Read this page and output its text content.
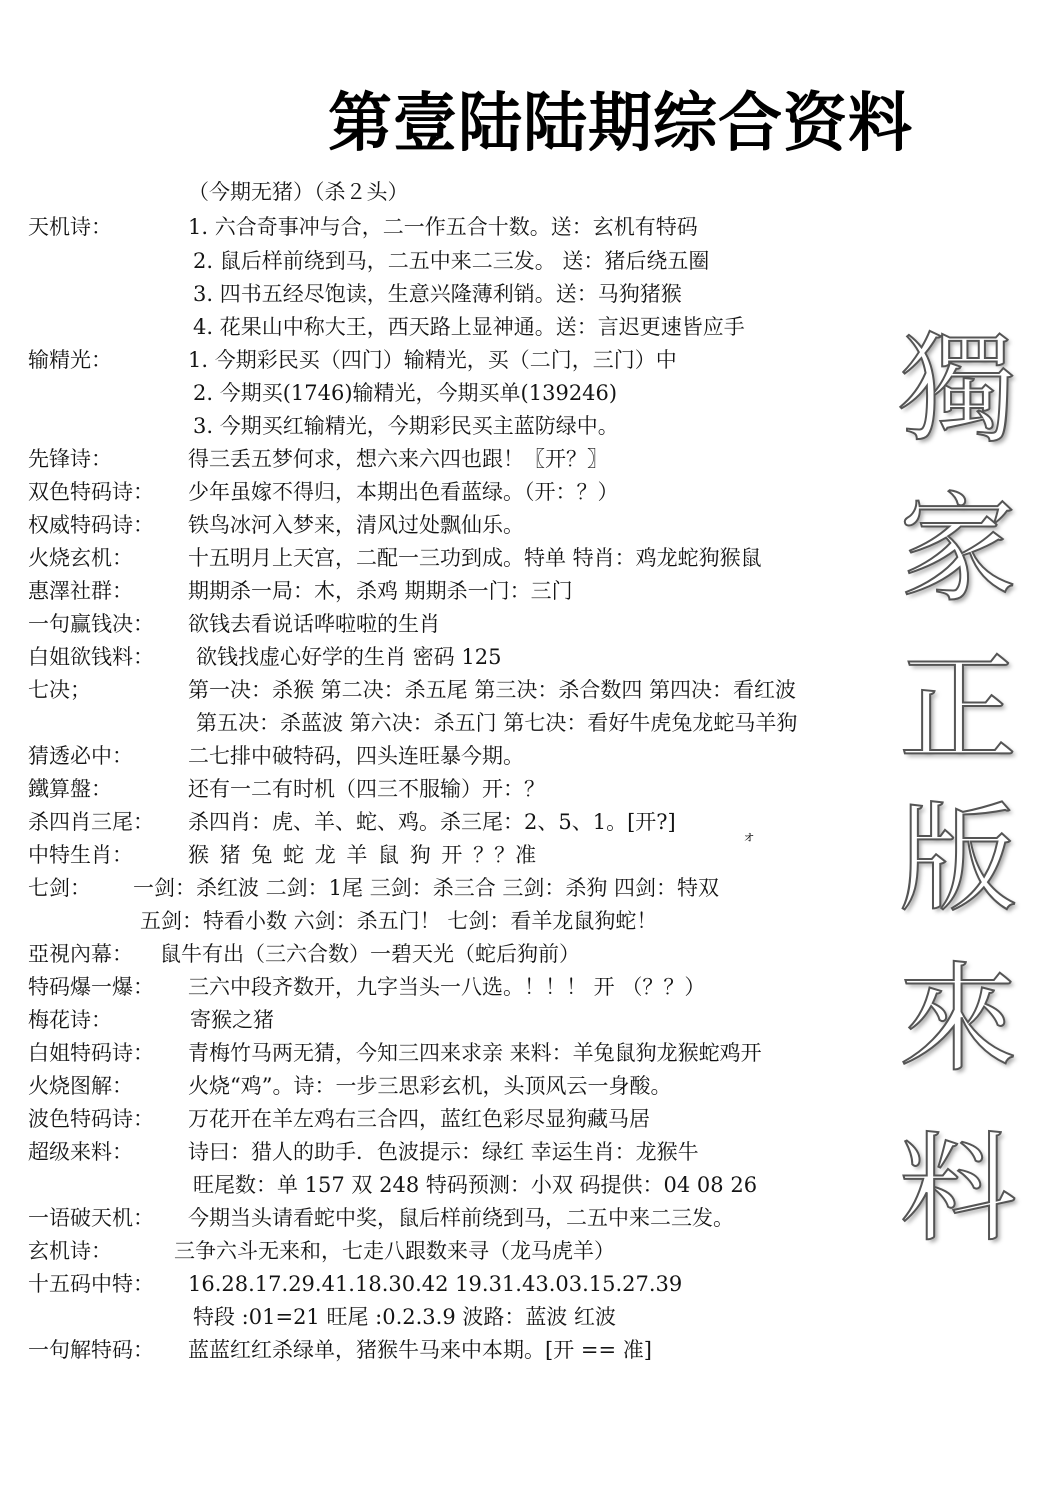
第壹陆陆期综合资料
（今期无猪）（杀２头）
天机诗：	1. 六合奇事冲与合，二一作五合十数。送：玄机有特码
2. 鼠后样前绕到马，二五中来二三发。 送：猪后绕五圈
3. 四书五经尽饱读，生意兴隆薄利销。送：马狗猪猴
4. 花果山中称大王，西天路上显神通。送：言迟更速皆应手
输精光：	1. 今期彩民买（四门）输精光，买（二门，三门）中
2. 今期买(1746)输精光，今期买单(139246)
3. 今期买红输精光，今期彩民买主蓝防绿中。
先锋诗：	得三丢五梦何求，想六来六四也跟！〖开？〗
双色特码诗： 少年虽嫁不得归，本期出色看蓝绿。（开：？）
权威特码诗： 铁鸟冰河入梦来，清风过处飘仙乐。
火烧玄机：	十五明月上天宫，二配一三功到成。特单 特肖：鸡龙蛇狗猴鼠
惠澤社群：	期期杀一局：木，杀鸡 期期杀一门：三门
一句赢钱决： 欲钱去看说话哗啦啦的生肖
白姐欲钱料： 欲钱找虚心好学的生肖 密码 125
七决；	第一决：杀猴 第二决：杀五尾 第三决：杀合数四 第四决：看红波
第五决：杀蓝波 第六决：杀五门 第七决：看好牛虎兔龙蛇马羊狗
猜透必中：	二七排中破特码，四头连旺暴今期。
鐵算盤：	还有一二有时机（四三不服输）开：？
杀四肖三尾： 杀四肖：虎、羊、蛇、鸡。杀三尾：2、5、1。[开?]
ォ
中特生肖：	猴 猪 兔 蛇 龙 羊 鼠 狗 开 ？？准
七剑： 一剑：杀红波 二剑：1尾 三剑：杀三合 三剑：杀狗 四剑：特双
五剑：特看小数 六剑：杀五门！ 七剑：看羊龙鼠狗蛇！
亞視內幕： 鼠牛有出（三六合数）一碧天光（蛇后狗前）
特码爆一爆： 三六中段齐数开，九字当头一八选。！！！ 开 （？？）
梅花诗：	寄猴之猪
白姐特码诗： 青梅竹马两无猜，今知三四来求亲 来料：羊兔鼠狗龙猴蛇鸡开
火烧图解：	火烧“鸡”。诗：一步三思彩玄机，头顶风云一身酸。
波色特码诗： 万花开在羊左鸡右三合四，蓝红色彩尽显狗藏马居
超级来料：	诗曰：猎人的助手．色波提示：绿红 幸运生肖：龙猴牛
旺尾数：单 157 双 248 特码预测：小双 码提供：04 08 26
一语破天机： 今期当头请看蛇中奖，鼠后样前绕到马，二五中来二三发。
玄机诗：	三争六斗无来和，七走八跟数来寻（龙马虎羊）
十五码中特： 16.28.17.29.41.18.30.42 19.31.43.03.15.27.39
特段 :01=21 旺尾 :0.2.3.9 波路：蓝波 红波
一句解特码： 蓝蓝红红杀绿单，猪猴牛马来中本期。[开 == 准]
獨
家
正
版
來
料
